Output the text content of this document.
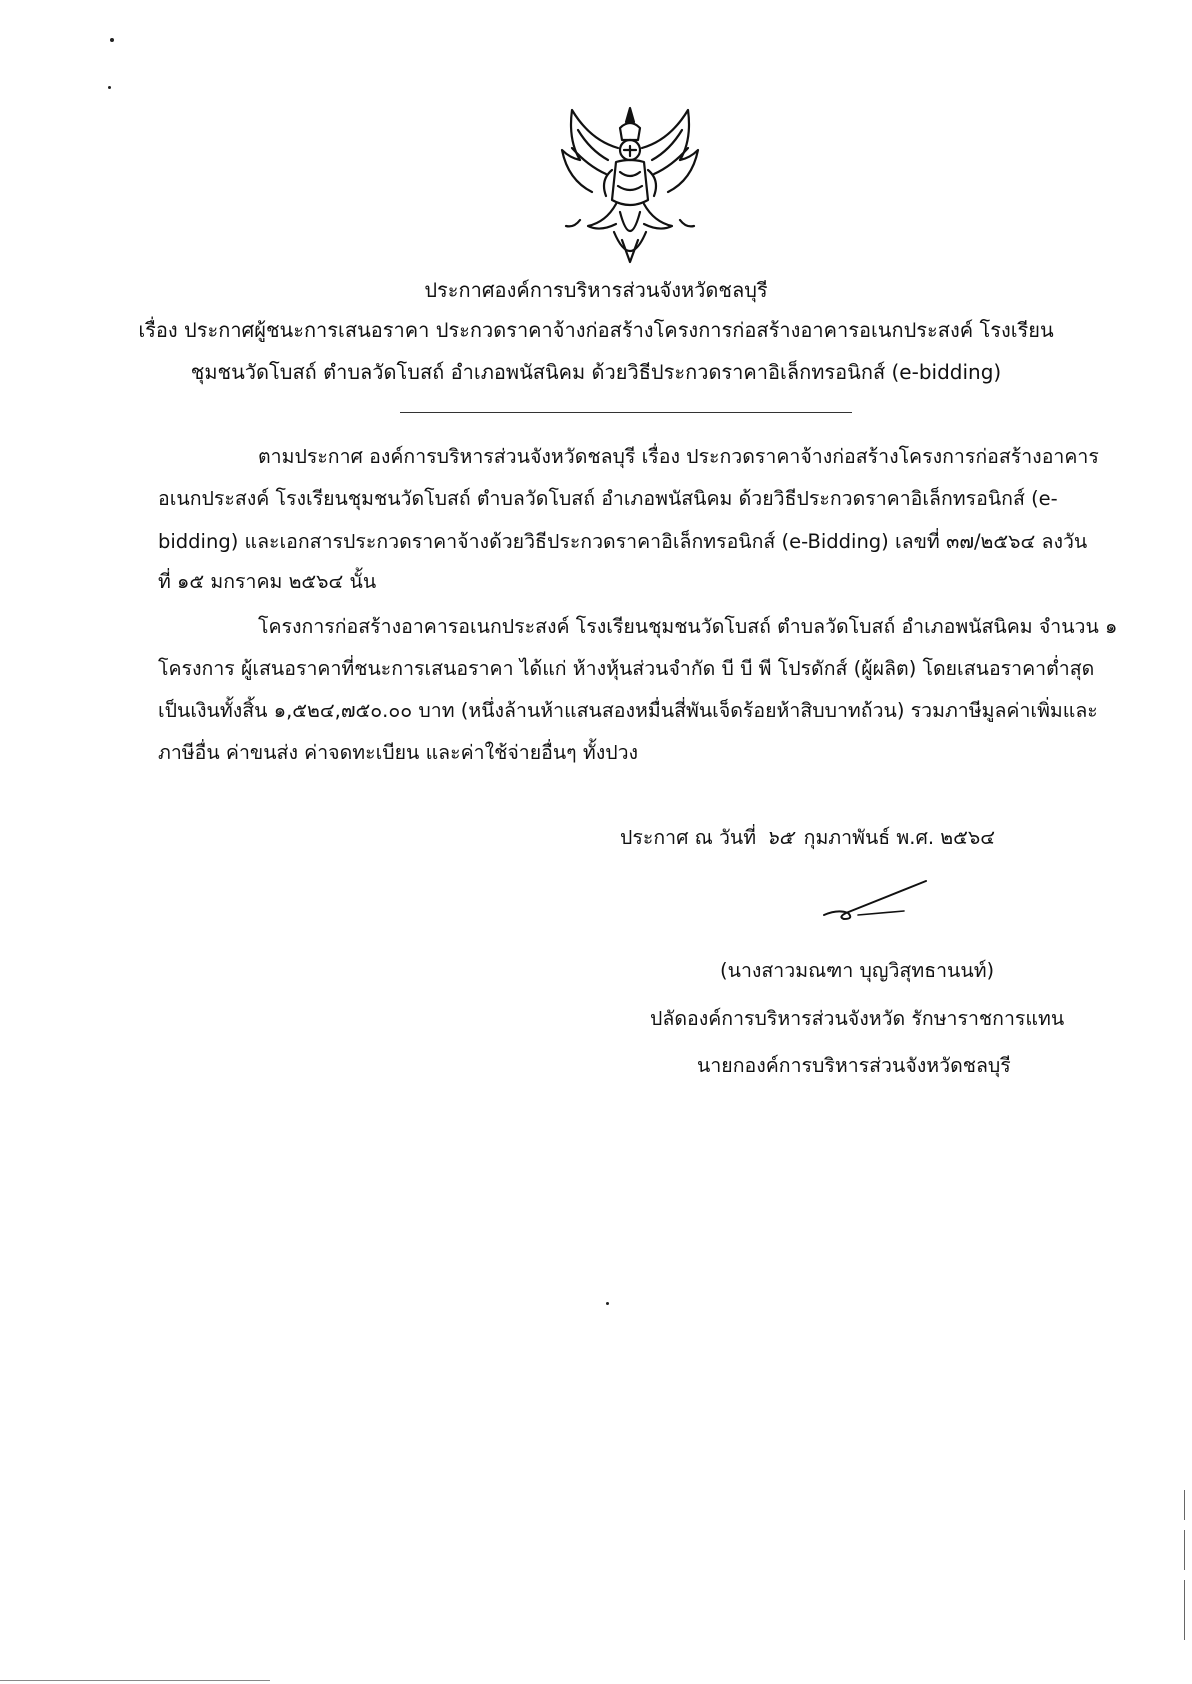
ประกาศองค์การบริหารส่วนจังหวัดชลบุรี
เรื่อง ประกาศผู้ชนะการเสนอราคา ประกวดราคาจ้างก่อสร้างโครงการก่อสร้างอาคารอเนกประสงค์ โรงเรียน
ชุมชนวัดโบสถ์ ตำบลวัดโบสถ์ อำเภอพนัสนิคม ด้วยวิธีประกวดราคาอิเล็กทรอนิกส์ (e-bidding)
ตามประกาศ องค์การบริหารส่วนจังหวัดชลบุรี เรื่อง ประกวดราคาจ้างก่อสร้างโครงการก่อสร้างอาคาร
อเนกประสงค์ โรงเรียนชุมชนวัดโบสถ์ ตำบลวัดโบสถ์ อำเภอพนัสนิคม ด้วยวิธีประกวดราคาอิเล็กทรอนิกส์ (e-
bidding) และเอกสารประกวดราคาจ้างด้วยวิธีประกวดราคาอิเล็กทรอนิกส์ (e-Bidding) เลขที่ ๓๗/๒๕๖๔ ลงวัน
ที่ ๑๕ มกราคม ๒๕๖๔ นั้น
โครงการก่อสร้างอาคารอเนกประสงค์ โรงเรียนชุมชนวัดโบสถ์ ตำบลวัดโบสถ์ อำเภอพนัสนิคม จำนวน ๑
โครงการ ผู้เสนอราคาที่ชนะการเสนอราคา ได้แก่ ห้างหุ้นส่วนจำกัด บี บี พี โปรดักส์ (ผู้ผลิต) โดยเสนอราคาต่ำสุด
เป็นเงินทั้งสิ้น ๑,๕๒๔,๗๕๐.๐๐ บาท (หนึ่งล้านห้าแสนสองหมื่นสี่พันเจ็ดร้อยห้าสิบบาทถ้วน) รวมภาษีมูลค่าเพิ่มและ
ภาษีอื่น ค่าขนส่ง ค่าจดทะเบียน และค่าใช้จ่ายอื่นๆ ทั้งปวง
ประกาศ ณ วันที่ ๖๕ กุมภาพันธ์ พ.ศ. ๒๕๖๔
(นางสาวมณฑา บุญวิสุทธานนท์)
ปลัดองค์การบริหารส่วนจังหวัด รักษาราชการแทน
นายกองค์การบริหารส่วนจังหวัดชลบุรี
